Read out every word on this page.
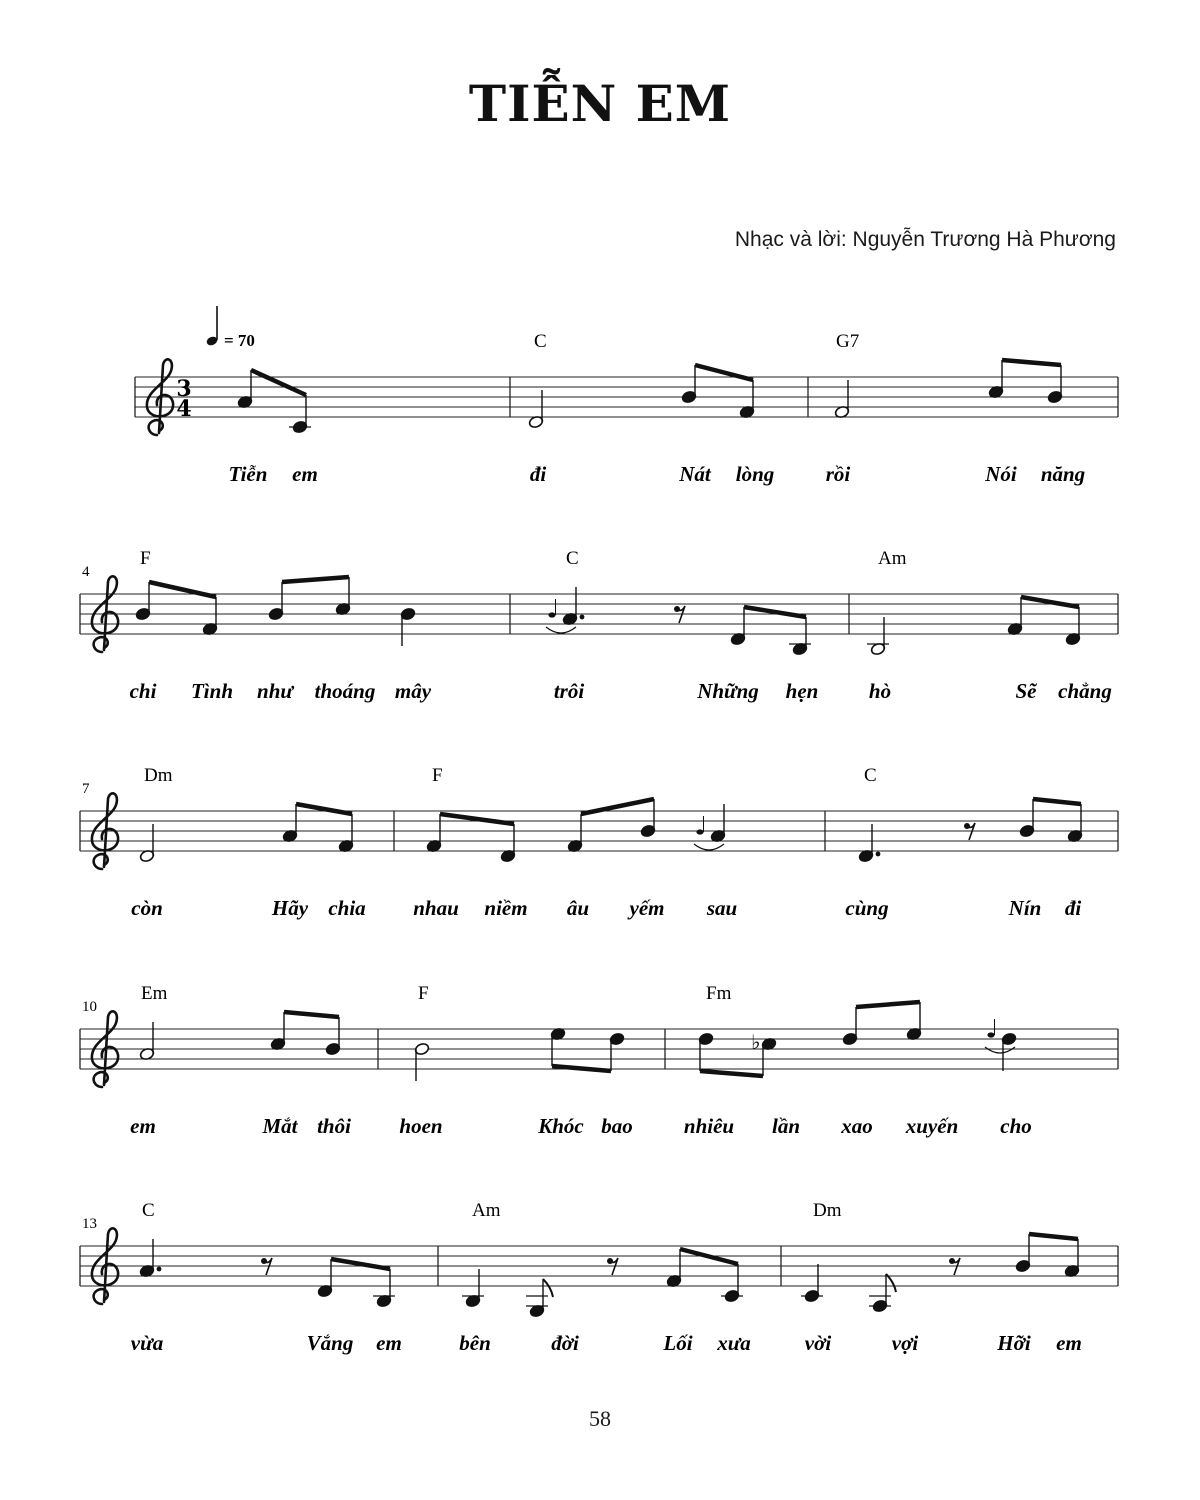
TIỄN EM
Nhạc và lời: Nguyễn Trương Hà Phương
3
4
= 70	C	G7
Tiễn em	đi	Nát lòng rồi	Nói năng
4
F	C	Am
chi Tình như thoáng mây	trôi	Những hẹn hò	Sẽ chẳng
7
Dm	F	C
còn	Hãy chia nhau niềm âu yếm sau	cùng	Nín đi
10
Em	F	Fm
em	Mắt thôi hoen	Khóc bao nhiêu lần xao xuyến cho
♭
13
C	Am	Dm
vừa	Vắng em	bên	đời	Lối xưa	vời	vợi	Hỡi em
58
